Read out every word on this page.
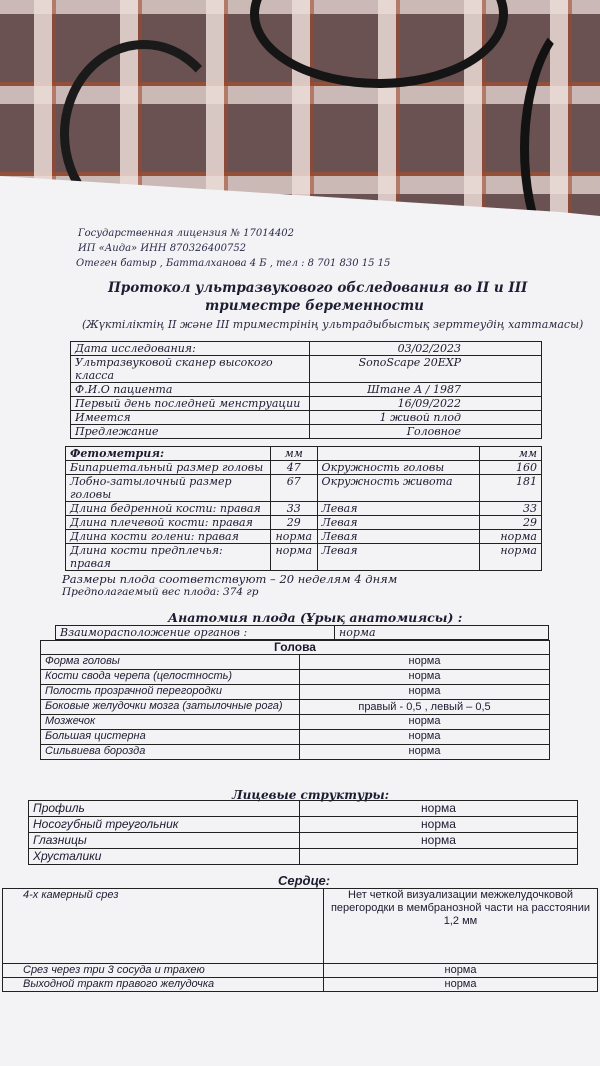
Государственная лицензия № 17014402
ИП «Аида» ИНН 870326400752
Отеген батыр , Батталханова 4 Б , тел : 8 701 830 15 15
Протокол ультразвукового обследования во II и III
триместре беременности
(Жүктіліктің II және III триместрінің ультрадыбыстық зерттеудің хаттамасы)
Дата исследования:	03/02/2023
Ультразвуковой сканер высокого класса	SonoScape 20EXP
Ф.И.О пациента	Штане А / 1987
Первый день последней менструации	16/09/2022
Имеется	1 живой плод
Предлежание	Головное
Фетометрия:	мм		мм
Бипариетальный размер головы	47	Окружность головы	160
Лобно-затылочный размер головы	67	Окружность живота	181
Длина бедренной кости: правая	33	Левая	33
Длина плечевой кости: правая	29	Левая	29
Длина кости голени: правая	норма	Левая	норма
Длина кости предплечья: правая	норма	Левая	норма
Размеры плода соответствуют – 20 неделям 4 дням
Предполагаемый вес плода: 374 гр
Анатомия плода (Ұрық анатомиясы) :
Взаиморасположение органов :	норма
Голова	
Форма головы	норма
Кости свода черепа (целостность)	норма
Полость прозрачной перегородки	норма
Боковые желудочки мозга (затылочные рога)	правый - 0,5 , левый – 0,5
Мозжечок	норма
Большая цистерна	норма
Сильвиева борозда	норма
Лицевые структуры:
Профиль	норма
Носогубный треугольник	норма
Глазницы	норма
Хрусталики	
Сердце:
4-х камерный срез	Нет четкой визуализации межжелудочковой перегородки в мембранозной части на расстоянии 1,2 мм
Срез через три 3 сосуда и трахею	норма
Выходной тракт правого желудочка	норма
